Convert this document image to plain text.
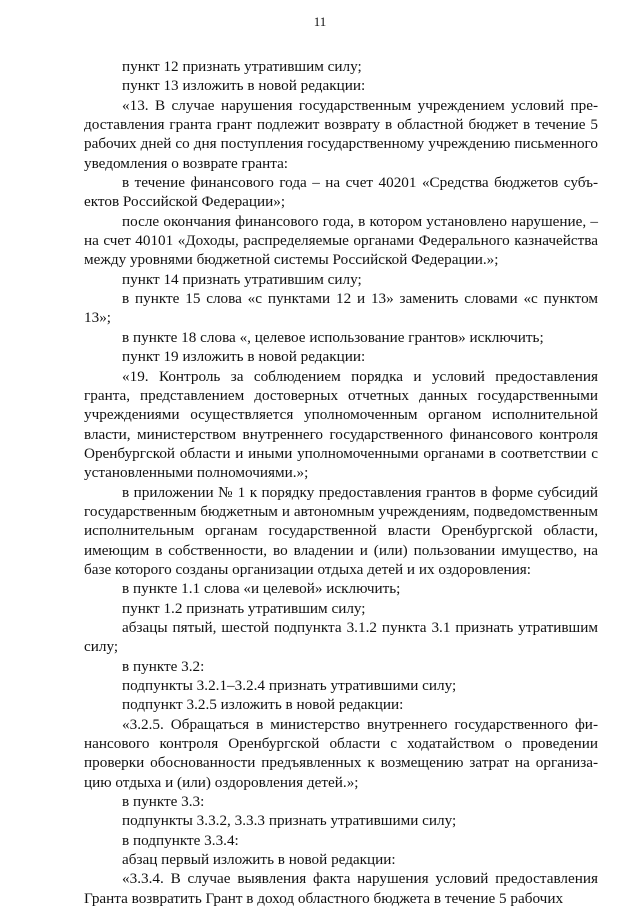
11

пункт 12 признать утратившим силу;

пункт 13 изложить в новой редакции:

«13. В случае нарушения государственным учреждением условий предоставления гранта грант подлежит возврату в областной бюджет в течение 5 рабочих дней со дня поступления государственному учреждению письменного уведомления о возврате гранта:

в течение финансового года – на счет 40201 «Средства бюджетов субъектов Российской Федерации»;

после окончания финансового года, в котором установлено нарушение, – на счет 40101 «Доходы, распределяемые органами Федерального казначейства между уровнями бюджетной системы Российской Федерации.»;

пункт 14 признать утратившим силу;

в пункте 15 слова «с пунктами 12 и 13» заменить словами «с пунктом 13»;

в пункте 18 слова «, целевое использование грантов» исключить;

пункт 19 изложить в новой редакции:

«19. Контроль за соблюдением порядка и условий предоставления гранта, представлением достоверных отчетных данных государственными учреждениями осуществляется уполномоченным органом исполнительной власти, министерством внутреннего государственного финансового контроля Оренбургской области и иными уполномоченными органами в соответствии с установленными полномочиями.»;

в приложении № 1 к порядку предоставления грантов в форме субсидий государственным бюджетным и автономным учреждениям, подведомственным исполнительным органам государственной власти Оренбургской области, имеющим в собственности, во владении и (или) пользовании имущество, на базе которого созданы организации отдыха детей и их оздоровления:

в пункте 1.1 слова «и целевой» исключить;

пункт 1.2 признать утратившим силу;

абзацы пятый, шестой подпункта 3.1.2 пункта 3.1 признать утратившим силу;

в пункте 3.2:

подпункты 3.2.1–3.2.4 признать утратившими силу;

подпункт 3.2.5 изложить в новой редакции:

«3.2.5. Обращаться в министерство внутреннего государственного финансового контроля Оренбургской области с ходатайством о проведении проверки обоснованности предъявленных к возмещению затрат на организацию отдыха и (или) оздоровления детей.»;

в пункте 3.3:

подпункты 3.3.2, 3.3.3 признать утратившими силу;

в подпункте 3.3.4:

абзац первый изложить в новой редакции:

«3.3.4. В случае выявления факта нарушения условий предоставления Гранта возвратить Грант в доход областного бюджета в течение 5 рабочих
